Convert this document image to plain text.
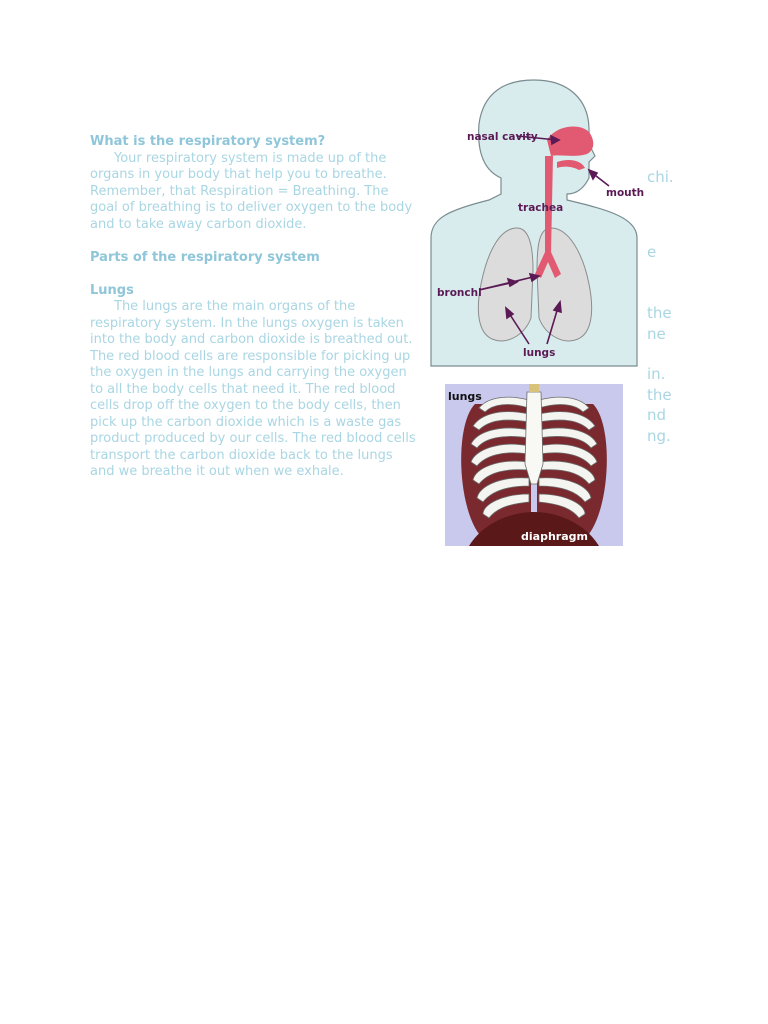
What is the respiratory system?

Your respiratory system is made up of the organs in your body that help you to breathe. Remember, that Respiration = Breathing. The goal of breathing is to deliver oxygen to the body and to take away carbon dioxide.

Parts of the respiratory system

Lungs

The lungs are the main organs of the respiratory system. In the lungs oxygen is taken into the body and carbon dioxide is breathed out. The red blood cells are responsible for picking up the oxygen in the lungs and carrying the oxygen to all the body cells that need it. The red blood cells drop off the oxygen to the body cells, then pick up the carbon dioxide which is a waste gas product produced by our cells. The red blood cells transport the carbon dioxide back to the lungs and we breathe it out when we exhale.

chi.
e
the
ne
in.
the
nd
ng.
nasal cavity
mouth
trachea
bronchi
lungs
lungs
diaphragm
